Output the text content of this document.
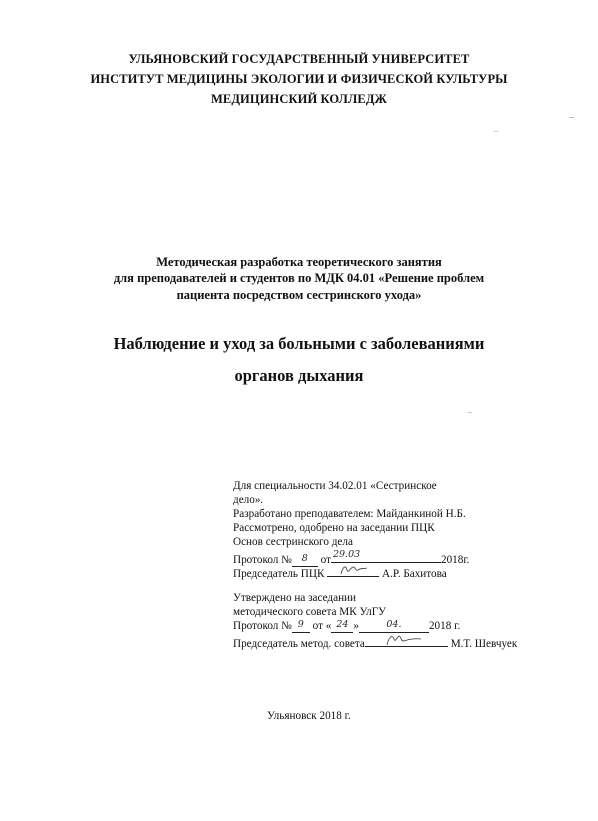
УЛЬЯНОВСКИЙ ГОСУДАРСТВЕННЫЙ УНИВЕРСИТЕТ
ИНСТИТУТ МЕДИЦИНЫ ЭКОЛОГИИ И ФИЗИЧЕСКОЙ КУЛЬТУРЫ
МЕДИЦИНСКИЙ КОЛЛЕДЖ
Методическая разработка теоретического занятия
для преподавателей и студентов по МДК 04.01 «Решение проблем
пациента посредством сестринского ухода»
Наблюдение и уход за больными с заболеваниями
органов дыхания
Для специальности 34.02.01 «Сестринское
дело».
Разработано преподавателем: Майданкиной Н.Б.
Рассмотрено, одобрено на заседании ПЦК
Основ сестринского дела
Протокол № 8 от 29.03	2018г.
Председатель ПЦК	А.Р. Бахитова
Утверждено на заседании
методического совета МК УлГУ
Протокол № 9 от « 24 »	04. 2018 г.
Председатель метод. совета	М.Т. Шевчуек
Ульяновск 2018 г.
